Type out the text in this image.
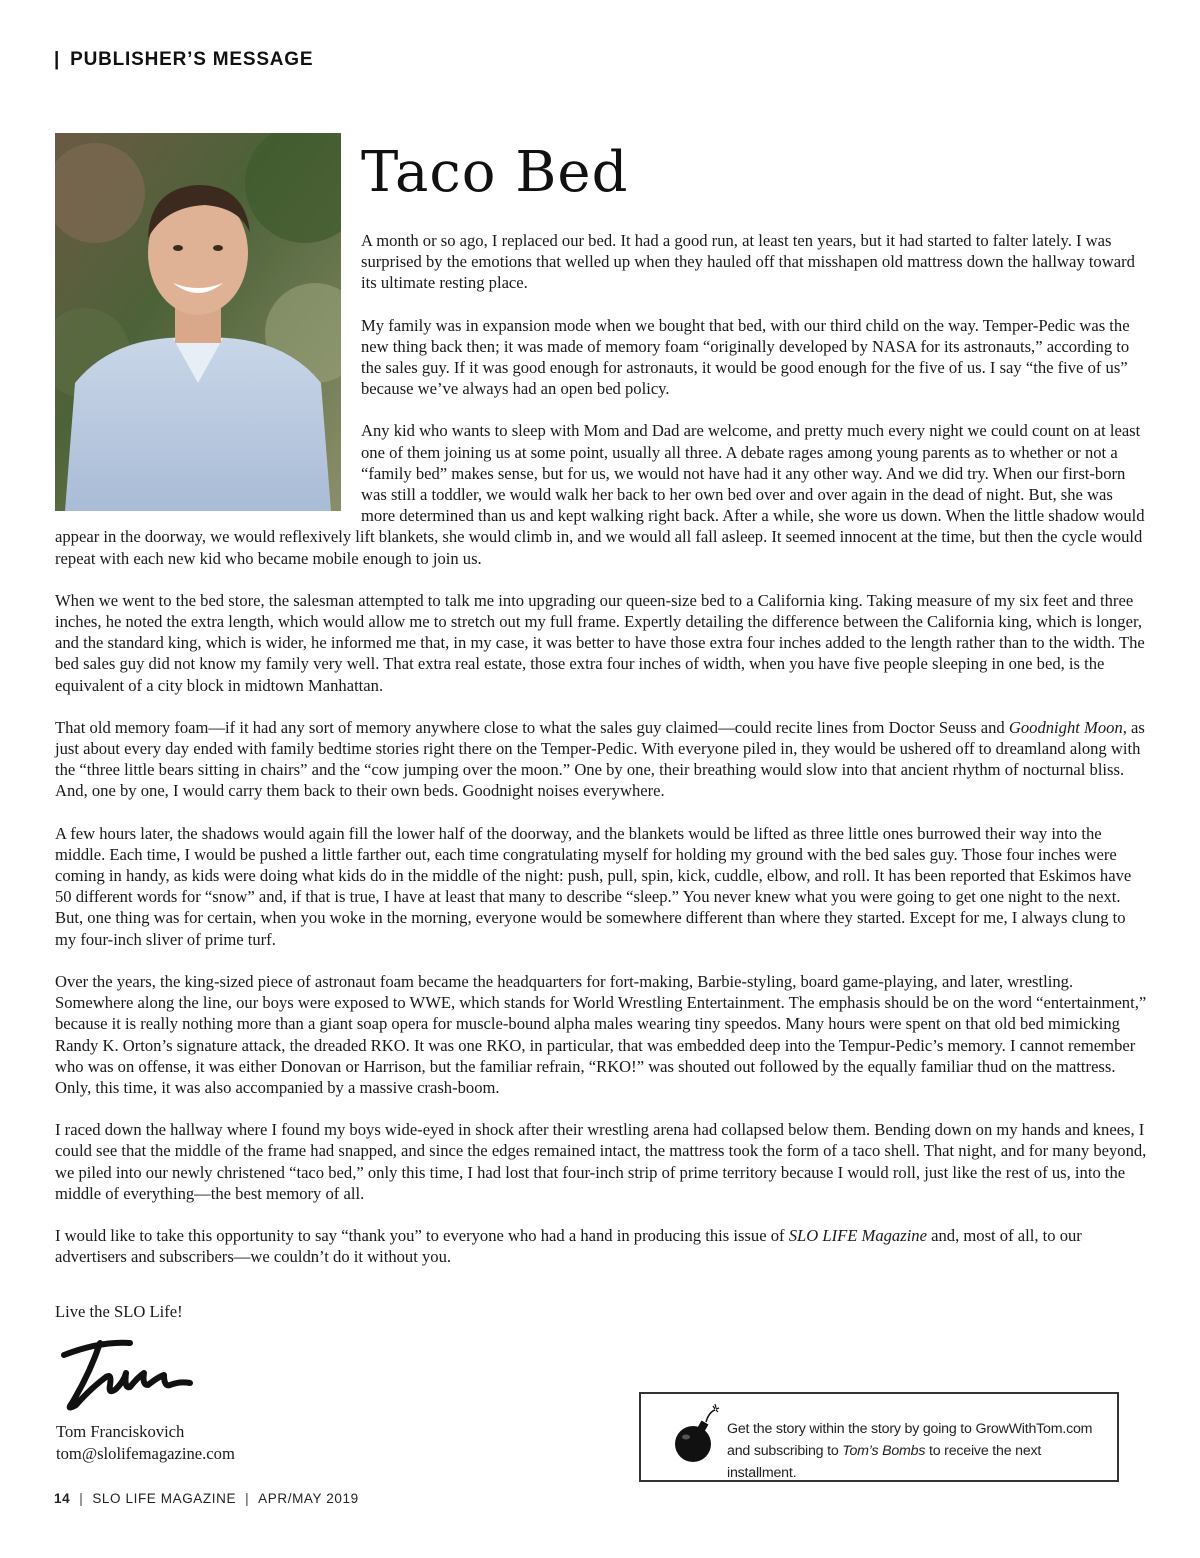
| PUBLISHER’S MESSAGE
Taco Bed

A month or so ago, I replaced our bed. It had a good run, at least ten years, but it had started to falter lately. I was surprised by the emotions that welled up when they hauled off that misshapen old mattress down the hallway toward its ultimate resting place.

My family was in expansion mode when we bought that bed, with our third child on the way. Temper-Pedic was the new thing back then; it was made of memory foam “originally developed by NASA for its astronauts,” according to the sales guy. If it was good enough for astronauts, it would be good enough for the five of us. I say “the five of us” because we’ve always had an open bed policy.

Any kid who wants to sleep with Mom and Dad are welcome, and pretty much every night we could count on at least one of them joining us at some point, usually all three. A debate rages among young parents as to whether or not a “family bed” makes sense, but for us, we would not have had it any other way. And we did try. When our first-born was still a toddler, we would walk her back to her own bed over and over again in the dead of night. But, she was more determined than us and kept walking right back. After a while, she wore us down. When the little shadow would appear in the doorway, we would reflexively lift blankets, she would climb in, and we would all fall asleep. It seemed innocent at the time, but then the cycle would repeat with each new kid who became mobile enough to join us.

When we went to the bed store, the salesman attempted to talk me into upgrading our queen-size bed to a California king. Taking measure of my six feet and three inches, he noted the extra length, which would allow me to stretch out my full frame. Expertly detailing the difference between the California king, which is longer, and the standard king, which is wider, he informed me that, in my case, it was better to have those extra four inches added to the length rather than to the width. The bed sales guy did not know my family very well. That extra real estate, those extra four inches of width, when you have five people sleeping in one bed, is the equivalent of a city block in midtown Manhattan.

That old memory foam—if it had any sort of memory anywhere close to what the sales guy claimed—could recite lines from Doctor Seuss and Goodnight Moon, as just about every day ended with family bedtime stories right there on the Temper-Pedic. With everyone piled in, they would be ushered off to dreamland along with the “three little bears sitting in chairs” and the “cow jumping over the moon.” One by one, their breathing would slow into that ancient rhythm of nocturnal bliss. And, one by one, I would carry them back to their own beds. Goodnight noises everywhere.

A few hours later, the shadows would again fill the lower half of the doorway, and the blankets would be lifted as three little ones burrowed their way into the middle. Each time, I would be pushed a little farther out, each time congratulating myself for holding my ground with the bed sales guy. Those four inches were coming in handy, as kids were doing what kids do in the middle of the night: push, pull, spin, kick, cuddle, elbow, and roll. It has been reported that Eskimos have 50 different words for “snow” and, if that is true, I have at least that many to describe “sleep.” You never knew what you were going to get one night to the next. But, one thing was for certain, when you woke in the morning, everyone would be somewhere different than where they started. Except for me, I always clung to my four-inch sliver of prime turf.

Over the years, the king-sized piece of astronaut foam became the headquarters for fort-making, Barbie-styling, board game-playing, and later, wrestling. Somewhere along the line, our boys were exposed to WWE, which stands for World Wrestling Entertainment. The emphasis should be on the word “entertainment,” because it is really nothing more than a giant soap opera for muscle-bound alpha males wearing tiny speedos. Many hours were spent on that old bed mimicking Randy K. Orton’s signature attack, the dreaded RKO. It was one RKO, in particular, that was embedded deep into the Tempur-Pedic’s memory. I cannot remember who was on offense, it was either Donovan or Harrison, but the familiar refrain, “RKO!” was shouted out followed by the equally familiar thud on the mattress. Only, this time, it was also accompanied by a massive crash-boom.

I raced down the hallway where I found my boys wide-eyed in shock after their wrestling arena had collapsed below them. Bending down on my hands and knees, I could see that the middle of the frame had snapped, and since the edges remained intact, the mattress took the form of a taco shell. That night, and for many beyond, we piled into our newly christened “taco bed,” only this time, I had lost that four-inch strip of prime territory because I would roll, just like the rest of us, into the middle of everything—the best memory of all.

I would like to take this opportunity to say “thank you” to everyone who had a hand in producing this issue of SLO LIFE Magazine and, most of all, to our advertisers and subscribers—we couldn’t do it without you.

Live the SLO Life!
Tom Franciskovich
tom@slolifemagazine.com
Get the story within the story by going to GrowWithTom.com and subscribing to Tom’s Bombs to receive the next installment.
14 | SLO LIFE MAGAZINE | APR/MAY 2019
